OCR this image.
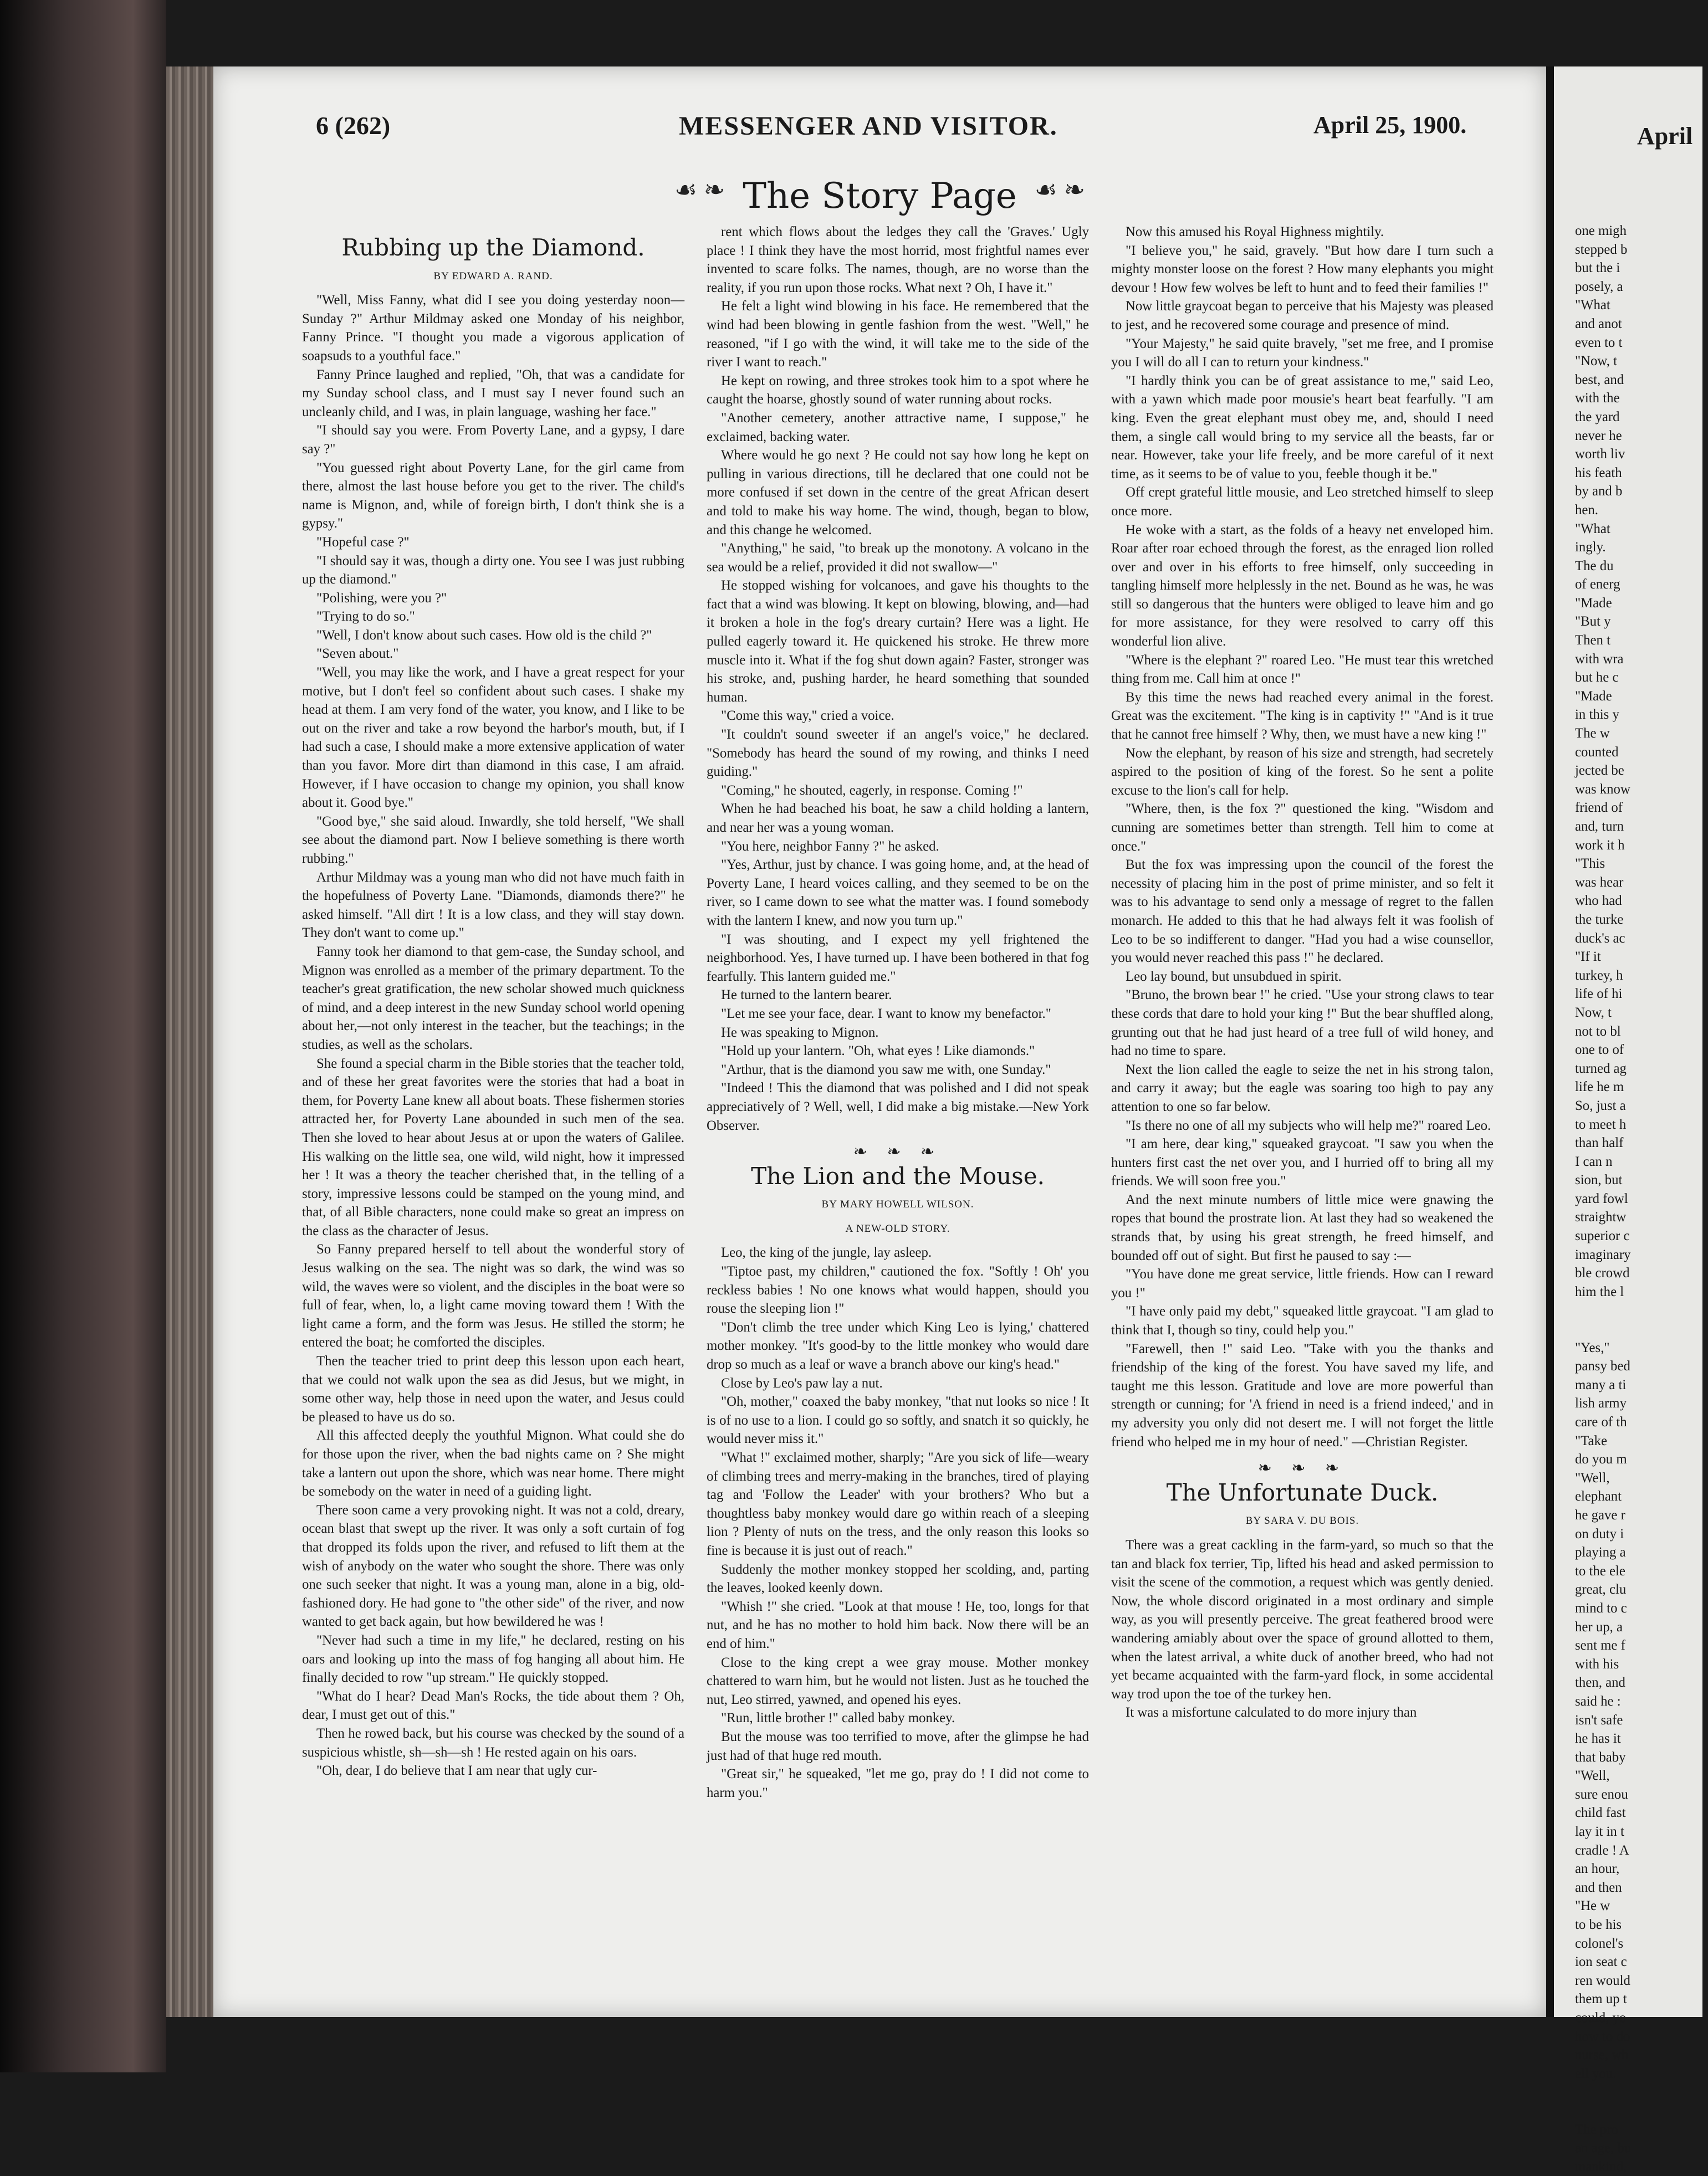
6 (262)	MESSENGER AND VISITOR.	April 25, 1900.
☙ ❧ The Story Page ☙ ❧
Rubbing up the Diamond.
BY EDWARD A. RAND.

"Well, Miss Fanny, what did I see you doing yesterday noon—Sunday ?" Arthur Mildmay asked one Monday of his neighbor, Fanny Prince. "I thought you made a vigorous application of soapsuds to a youthful face."

Fanny Prince laughed and replied, "Oh, that was a candidate for my Sunday school class, and I must say I never found such an uncleanly child, and I was, in plain language, washing her face."

"I should say you were. From Poverty Lane, and a gypsy, I dare say ?"

"You guessed right about Poverty Lane, for the girl came from there, almost the last house before you get to the river. The child's name is Mignon, and, while of foreign birth, I don't think she is a gypsy."

"Hopeful case ?"

"I should say it was, though a dirty one. You see I was just rubbing up the diamond."

"Polishing, were you ?"

"Trying to do so."

"Well, I don't know about such cases. How old is the child ?"

"Seven about."

"Well, you may like the work, and I have a great respect for your motive, but I don't feel so confident about such cases. I shake my head at them. I am very fond of the water, you know, and I like to be out on the river and take a row beyond the harbor's mouth, but, if I had such a case, I should make a more extensive application of water than you favor. More dirt than diamond in this case, I am afraid. However, if I have occasion to change my opinion, you shall know about it. Good bye."

"Good bye," she said aloud. Inwardly, she told herself, "We shall see about the diamond part. Now I believe something is there worth rubbing."

Arthur Mildmay was a young man who did not have much faith in the hopefulness of Poverty Lane. "Diamonds, diamonds there?" he asked himself. "All dirt ! It is a low class, and they will stay down. They don't want to come up."

Fanny took her diamond to that gem-case, the Sunday school, and Mignon was enrolled as a member of the primary department. To the teacher's great gratification, the new scholar showed much quickness of mind, and a deep interest in the new Sunday school world opening about her,—not only interest in the teacher, but the teachings; in the studies, as well as the scholars.

She found a special charm in the Bible stories that the teacher told, and of these her great favorites were the stories that had a boat in them, for Poverty Lane knew all about boats. These fishermen stories attracted her, for Poverty Lane abounded in such men of the sea. Then she loved to hear about Jesus at or upon the waters of Galilee. His walking on the little sea, one wild, wild night, how it impressed her ! It was a theory the teacher cherished that, in the telling of a story, impressive lessons could be stamped on the young mind, and that, of all Bible characters, none could make so great an impress on the class as the character of Jesus.

So Fanny prepared herself to tell about the wonderful story of Jesus walking on the sea. The night was so dark, the wind was so wild, the waves were so violent, and the disciples in the boat were so full of fear, when, lo, a light came moving toward them ! With the light came a form, and the form was Jesus. He stilled the storm; he entered the boat; he comforted the disciples.

Then the teacher tried to print deep this lesson upon each heart, that we could not walk upon the sea as did Jesus, but we might, in some other way, help those in need upon the water, and Jesus could be pleased to have us do so.

All this affected deeply the youthful Mignon. What could she do for those upon the river, when the bad nights came on ? She might take a lantern out upon the shore, which was near home. There might be somebody on the water in need of a guiding light.

There soon came a very provoking night. It was not a cold, dreary, ocean blast that swept up the river. It was only a soft curtain of fog that dropped its folds upon the river, and refused to lift them at the wish of anybody on the water who sought the shore. There was only one such seeker that night. It was a young man, alone in a big, old-fashioned dory. He had gone to "the other side" of the river, and now wanted to get back again, but how bewildered he was !

"Never had such a time in my life," he declared, resting on his oars and looking up into the mass of fog hanging all about him. He finally decided to row "up stream." He quickly stopped.

"What do I hear? Dead Man's Rocks, the tide about them ? Oh, dear, I must get out of this."

Then he rowed back, but his course was checked by the sound of a suspicious whistle, sh—sh—sh ! He rested again on his oars.

"Oh, dear, I do believe that I am near that ugly cur-

rent which flows about the ledges they call the 'Graves.' Ugly place ! I think they have the most horrid, most frightful names ever invented to scare folks. The names, though, are no worse than the reality, if you run upon those rocks. What next ? Oh, I have it."

He felt a light wind blowing in his face. He remembered that the wind had been blowing in gentle fashion from the west. "Well," he reasoned, "if I go with the wind, it will take me to the side of the river I want to reach."

He kept on rowing, and three strokes took him to a spot where he caught the hoarse, ghostly sound of water running about rocks.

"Another cemetery, another attractive name, I suppose," he exclaimed, backing water.

Where would he go next ? He could not say how long he kept on pulling in various directions, till he declared that one could not be more confused if set down in the centre of the great African desert and told to make his way home. The wind, though, began to blow, and this change he welcomed.

"Anything," he said, "to break up the monotony. A volcano in the sea would be a relief, provided it did not swallow—"

He stopped wishing for volcanoes, and gave his thoughts to the fact that a wind was blowing. It kept on blowing, blowing, and—had it broken a hole in the fog's dreary curtain? Here was a light. He pulled eagerly toward it. He quickened his stroke. He threw more muscle into it. What if the fog shut down again? Faster, stronger was his stroke, and, pushing harder, he heard something that sounded human.

"Come this way," cried a voice.

"It couldn't sound sweeter if an angel's voice," he declared. "Somebody has heard the sound of my rowing, and thinks I need guiding."

"Coming," he shouted, eagerly, in response. Coming !"

When he had beached his boat, he saw a child holding a lantern, and near her was a young woman.

"You here, neighbor Fanny ?" he asked.

"Yes, Arthur, just by chance. I was going home, and, at the head of Poverty Lane, I heard voices calling, and they seemed to be on the river, so I came down to see what the matter was. I found somebody with the lantern I knew, and now you turn up."

"I was shouting, and I expect my yell frightened the neighborhood. Yes, I have turned up. I have been bothered in that fog fearfully. This lantern guided me."

He turned to the lantern bearer.

"Let me see your face, dear. I want to know my benefactor."

He was speaking to Mignon.

"Hold up your lantern. "Oh, what eyes ! Like diamonds."

"Arthur, that is the diamond you saw me with, one Sunday."

"Indeed ! This the diamond that was polished and I did not speak appreciatively of ? Well, well, I did make a big mistake.—New York Observer.

❧ ❧ ❧
The Lion and the Mouse.
BY MARY HOWELL WILSON.
A NEW-OLD STORY.

Leo, the king of the jungle, lay asleep.

"Tiptoe past, my children," cautioned the fox. "Softly ! Oh' you reckless babies ! No one knows what would happen, should you rouse the sleeping lion !"

"Don't climb the tree under which King Leo is lying,' chattered mother monkey. "It's good-by to the little monkey who would dare drop so much as a leaf or wave a branch above our king's head."

Close by Leo's paw lay a nut.

"Oh, mother," coaxed the baby monkey, "that nut looks so nice ! It is of no use to a lion. I could go so softly, and snatch it so quickly, he would never miss it."

"What !" exclaimed mother, sharply; "Are you sick of life—weary of climbing trees and merry-making in the branches, tired of playing tag and 'Follow the Leader' with your brothers? Who but a thoughtless baby monkey would dare go within reach of a sleeping lion ? Plenty of nuts on the tress, and the only reason this looks so fine is because it is just out of reach."

Suddenly the mother monkey stopped her scolding, and, parting the leaves, looked keenly down.

"Whish !" she cried. "Look at that mouse ! He, too, longs for that nut, and he has no mother to hold him back. Now there will be an end of him."

Close to the king crept a wee gray mouse. Mother monkey chattered to warn him, but he would not listen. Just as he touched the nut, Leo stirred, yawned, and opened his eyes.

"Run, little brother !" called baby monkey.

But the mouse was too terrified to move, after the glimpse he had just had of that huge red mouth.

"Great sir," he squeaked, "let me go, pray do ! I did not come to harm you."

Now this amused his Royal Highness mightily.

"I believe you," he said, gravely. "But how dare I turn such a mighty monster loose on the forest ? How many elephants you might devour ! How few wolves be left to hunt and to feed their families !"

Now little graycoat began to perceive that his Majesty was pleased to jest, and he recovered some courage and presence of mind.

"Your Majesty," he said quite bravely, "set me free, and I promise you I will do all I can to return your kindness."

"I hardly think you can be of great assistance to me," said Leo, with a yawn which made poor mousie's heart beat fearfully. "I am king. Even the great elephant must obey me, and, should I need them, a single call would bring to my service all the beasts, far or near. However, take your life freely, and be more careful of it next time, as it seems to be of value to you, feeble though it be."

Off crept grateful little mousie, and Leo stretched himself to sleep once more.

He woke with a start, as the folds of a heavy net enveloped him. Roar after roar echoed through the forest, as the enraged lion rolled over and over in his efforts to free himself, only succeeding in tangling himself more helplessly in the net. Bound as he was, he was still so dangerous that the hunters were obliged to leave him and go for more assistance, for they were resolved to carry off this wonderful lion alive.

"Where is the elephant ?" roared Leo. "He must tear this wretched thing from me. Call him at once !"

By this time the news had reached every animal in the forest. Great was the excitement. "The king is in captivity !" "And is it true that he cannot free himself ? Why, then, we must have a new king !"

Now the elephant, by reason of his size and strength, had secretely aspired to the position of king of the forest. So he sent a polite excuse to the lion's call for help.

"Where, then, is the fox ?" questioned the king. "Wisdom and cunning are sometimes better than strength. Tell him to come at once."

But the fox was impressing upon the council of the forest the necessity of placing him in the post of prime minister, and so felt it was to his advantage to send only a message of regret to the fallen monarch. He added to this that he had always felt it was foolish of Leo to be so indifferent to danger. "Had you had a wise counsellor, you would never reached this pass !" he declared.

Leo lay bound, but unsubdued in spirit.

"Bruno, the brown bear !" he cried. "Use your strong claws to tear these cords that dare to hold your king !" But the bear shuffled along, grunting out that he had just heard of a tree full of wild honey, and had no time to spare.

Next the lion called the eagle to seize the net in his strong talon, and carry it away; but the eagle was soaring too high to pay any attention to one so far below.

"Is there no one of all my subjects who will help me?" roared Leo.

"I am here, dear king," squeaked graycoat. "I saw you when the hunters first cast the net over you, and I hurried off to bring all my friends. We will soon free you."

And the next minute numbers of little mice were gnawing the ropes that bound the prostrate lion. At last they had so weakened the strands that, by using his great strength, he freed himself, and bounded off out of sight. But first he paused to say :—

"You have done me great service, little friends. How can I reward you !"

"I have only paid my debt," squeaked little graycoat. "I am glad to think that I, though so tiny, could help you."

"Farewell, then !" said Leo. "Take with you the thanks and friendship of the king of the forest. You have saved my life, and taught me this lesson. Gratitude and love are more powerful than strength or cunning; for 'A friend in need is a friend indeed,' and in my adversity you only did not desert me. I will not forget the little friend who helped me in my hour of need." —Christian Register.

❧ ❧ ❧
The Unfortunate Duck.
BY SARA V. DU BOIS.

There was a great cackling in the farm-yard, so much so that the tan and black fox terrier, Tip, lifted his head and asked permission to visit the scene of the commotion, a request which was gently denied. Now, the whole discord originated in a most ordinary and simple way, as you will presently perceive. The great feathered brood were wandering amiably about over the space of ground allotted to them, when the latest arrival, a white duck of another breed, who had not yet became acquainted with the farm-yard flock, in some accidental way trod upon the toe of the turkey hen.

It was a misfortune calculated to do more injury than

April
one migh
stepped b
but the i
posely, a
"What
and anot
even to t
"Now, t
best, and
with the
the yard
never he
worth liv
his feath
by and b
hen.
"What
ingly.
The du
of energ
"Made
"But y
Then t
with wra
but he c
"Made
in this y
The w
counted
jected be
was know
friend of
and, turn
work it h
"This
was hear
who had
the turke
duck's ac
"If it
turkey, h
life of hi
Now, t
not to bl
one to of
turned ag
life he m
So, just a
to meet h
than half
I can n
sion, but
yard fowl
straightw
superior c
imaginary
ble crowd
him the l

"Yes,"
pansy bed
many a ti
lish army
care of th
"Take
do you m
"Well,
elephant
he gave r
on duty i
playing a
to the ele
great, clu
mind to c
her up, a
sent me f
with his
then, and
said he :
isn't safe
he has it
that baby
"Well,
sure enou
child fast
lay it in t
cradle ! A
an hour,
and then
"He w
to be his
colonel's
ion seat c
ren would
them up t
could, yo
how to do
nurse, wh
ell you.

The pro
an age, bu
mankind,
